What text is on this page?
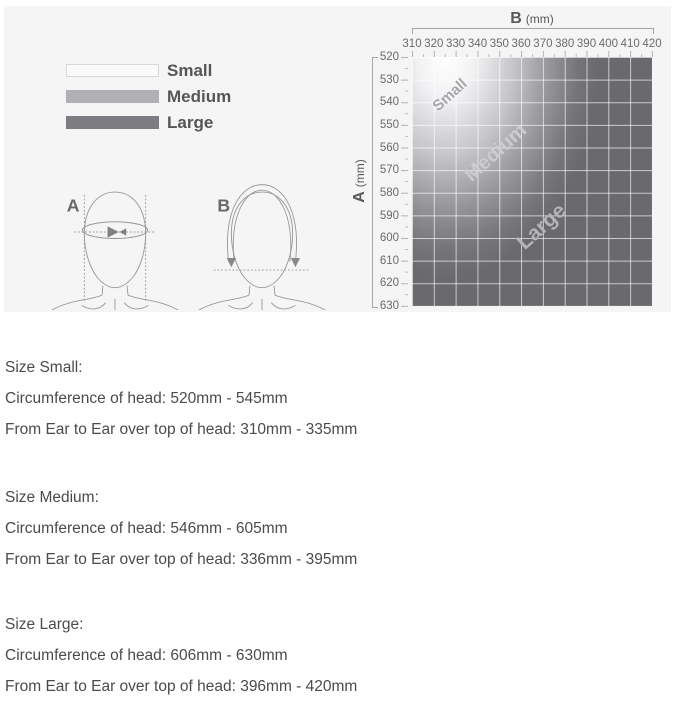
Small
Medium
Large
A	B
B (mm)
310 320 330 340 350 360 370 380 390 400 410 420
A(mm)
520
530
540
550
560
570
580
590
600
610
620
630
Small
Medium
Large

Size Small:

Circumference of head: 520mm - 545mm

From Ear to Ear over top of head: 310mm - 335mm

Size Medium:

Circumference of head: 546mm - 605mm

From Ear to Ear over top of head: 336mm - 395mm

Size Large:

Circumference of head: 606mm - 630mm

From Ear to Ear over top of head: 396mm - 420mm
